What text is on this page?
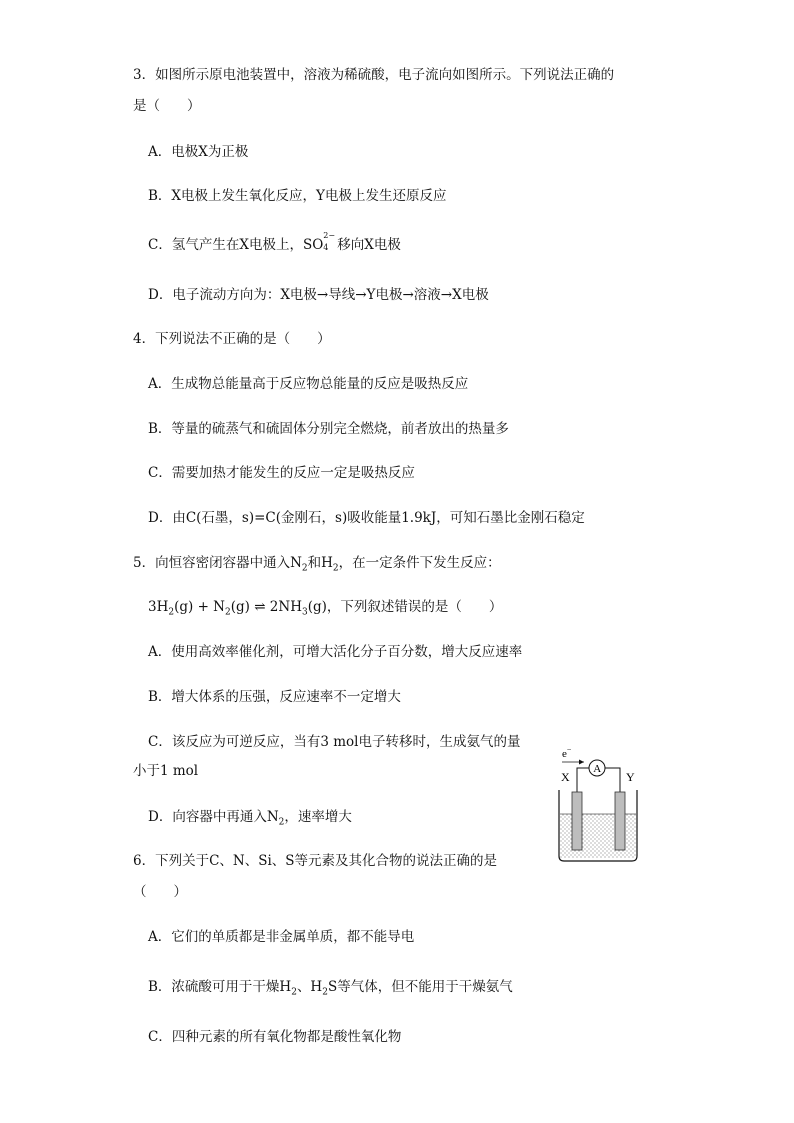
3．如图所示原电池装置中，溶液为稀硫酸，电子流向如图所示。下列说法正确的
是（　　）
A．电极X为正极
B．X电极上发生氧化反应，Y电极上发生还原反应
C．氢气产生在X电极上，SO
2−
4 移向X电极
D．电子流动方向为：X电极→导线→Y电极→溶液→X电极
4．下列说法不正确的是（　　）
A．生成物总能量高于反应物总能量的反应是吸热反应
B．等量的硫蒸气和硫固体分别完全燃烧，前者放出的热量多
C．需要加热才能发生的反应一定是吸热反应
D．由C(石墨，s)=C(金刚石，s)吸收能量1.9kJ，可知石墨比金刚石稳定
5．向恒容密闭容器中通入$N_2$和$H_2$，在一定条件下发生反应：
$3H_2(g) + N_2(g)$ ⇌ $2NH_3(g)$，下列叙述错误的是（　　）
A．使用高效率催化剂，可增大活化分子百分数，增大反应速率
B．增大体系的压强，反应速率不一定增大
C．该反应为可逆反应，当有3 mol电子转移时，生成氨气的量
小于1 mol
D．向容器中再通入$N_2$，速率增大
6．下列关于C、N、Si、S等元素及其化合物的说法正确的是
（　　）
A．它们的单质都是非金属单质，都不能导电
B．浓硫酸可用于干燥$H_2$、$H_2S$等气体，但不能用于干燥氨气
C．四种元素的所有氧化物都是酸性氧化物
e−
A
X	Y
